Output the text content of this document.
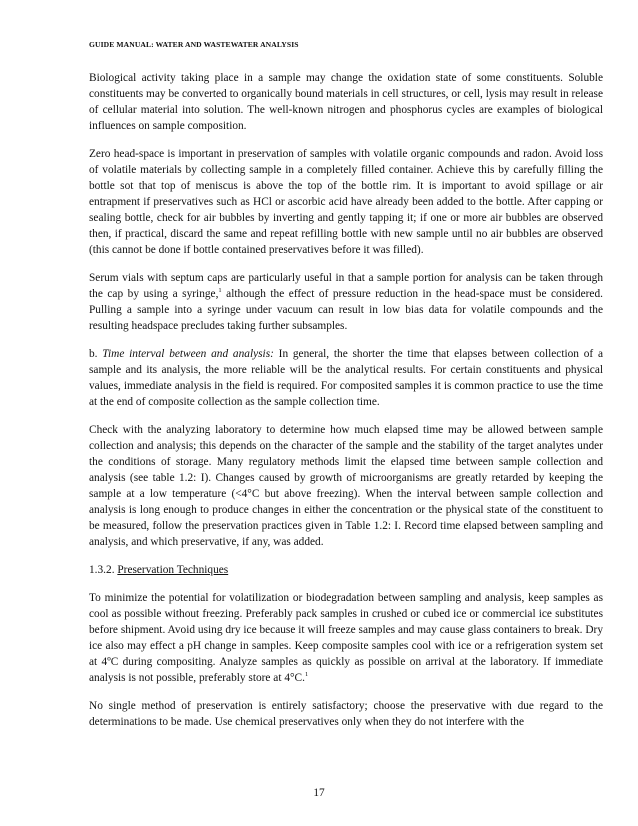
GUIDE MANUAL: WATER AND WASTEWATER ANALYSIS

Biological activity taking place in a sample may change the oxidation state of some constituents. Soluble constituents may be converted to organically bound materials in cell structures, or cell, lysis may result in release of cellular material into solution. The well-known nitrogen and phosphorus cycles are examples of biological influences on sample composition.

Zero head-space is important in preservation of samples with volatile organic compounds and radon. Avoid loss of volatile materials by collecting sample in a completely filled container. Achieve this by carefully filling the bottle sot that top of meniscus is above the top of the bottle rim. It is important to avoid spillage or air entrapment if preservatives such as HCl or ascorbic acid have already been added to the bottle. After capping or sealing bottle, check for air bubbles by inverting and gently tapping it; if one or more air bubbles are observed then, if practical, discard the same and repeat refilling bottle with new sample until no air bubbles are observed (this cannot be done if bottle contained preservatives before it was filled).

Serum vials with septum caps are particularly useful in that a sample portion for analysis can be taken through the cap by using a syringe,$^1$ although the effect of pressure reduction in the head-space must be considered. Pulling a sample into a syringe under vacuum can result in low bias data for volatile compounds and the resulting headspace precludes taking further subsamples.

b. Time interval between and analysis: In general, the shorter the time that elapses between collection of a sample and its analysis, the more reliable will be the analytical results. For certain constituents and physical values, immediate analysis in the field is required. For composited samples it is common practice to use the time at the end of composite collection as the sample collection time.

Check with the analyzing laboratory to determine how much elapsed time may be allowed between sample collection and analysis; this depends on the character of the sample and the stability of the target analytes under the conditions of storage. Many regulatory methods limit the elapsed time between sample collection and analysis (see table 1.2: I). Changes caused by growth of microorganisms are greatly retarded by keeping the sample at a low temperature (<4°C but above freezing). When the interval between sample collection and analysis is long enough to produce changes in either the concentration or the physical state of the constituent to be measured, follow the preservation practices given in Table 1.2: I. Record time elapsed between sampling and analysis, and which preservative, if any, was added.

1.3.2. Preservation Techniques

To minimize the potential for volatilization or biodegradation between sampling and analysis, keep samples as cool as possible without freezing. Preferably pack samples in crushed or cubed ice or commercial ice substitutes before shipment. Avoid using dry ice because it will freeze samples and may cause glass containers to break. Dry ice also may effect a pH change in samples. Keep composite samples cool with ice or a refrigeration system set at 4ºC during compositing. Analyze samples as quickly as possible on arrival at the laboratory. If immediate analysis is not possible, preferably store at 4°C.$^1$

No single method of preservation is entirely satisfactory; choose the preservative with due regard to the determinations to be made. Use chemical preservatives only when they do not interfere with the

17
